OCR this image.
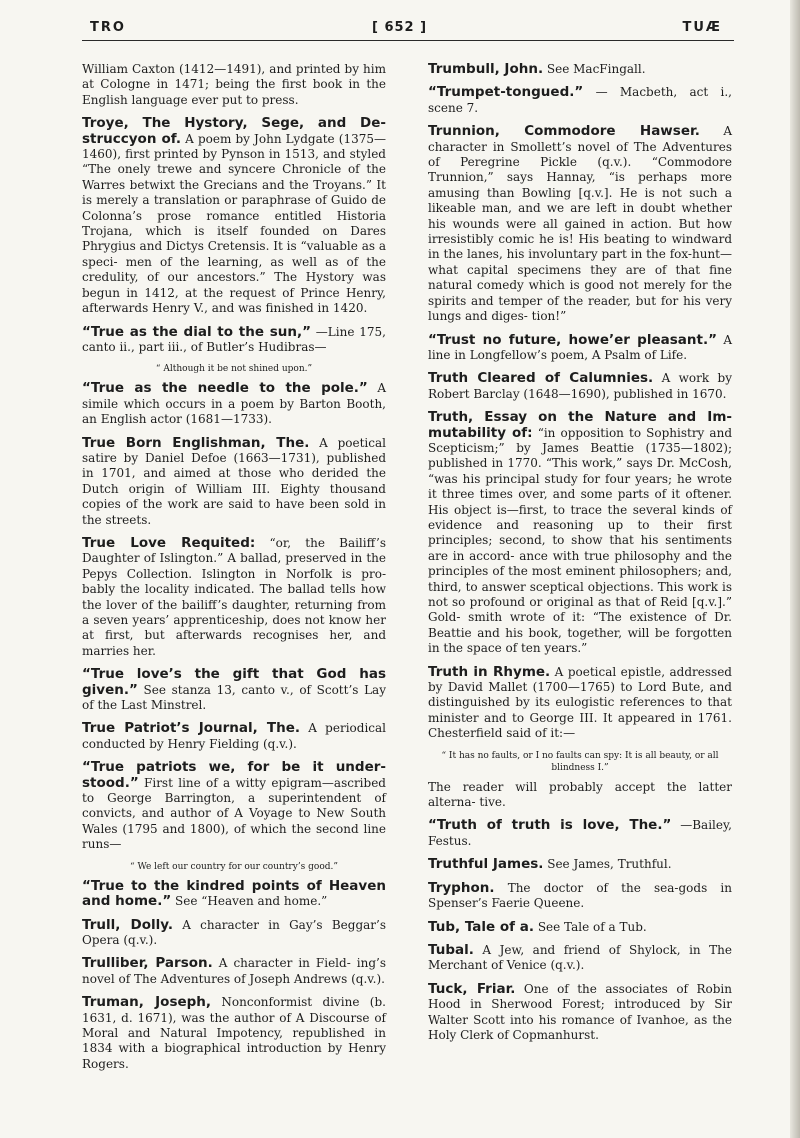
TRO	[ 652 ]	TUÆ

William Caxton (1412—1491), and printed by him at Cologne in 1471; being the first book in the English language ever put to press.

Troye, The Hystory, Sege, and De- struccyon of. A poem by John Lydgate (1375—1460), first printed by Pynson in 1513, and styled “The onely trewe and syncere Chronicle of the Warres betwixt the Grecians and the Troyans.” It is merely a translation or paraphrase of Guido de Colonna’s prose romance entitled Historia Trojana, which is itself founded on Dares Phrygius and Dictys Cretensis. It is “valuable as a speci- men of the learning, as well as of the credulity, of our ancestors.” The Hystory was begun in 1412, at the request of Prince Henry, afterwards Henry V., and was finished in 1420.

“True as the dial to the sun,” —Line 175, canto ii., part iii., of Butler’s Hudibras—

“ Although it be not shined upon.”

“True as the needle to the pole.” A simile which occurs in a poem by Barton Booth, an English actor (1681—1733).

True Born Englishman, The. A poetical satire by Daniel Defoe (1663—1731), published in 1701, and aimed at those who derided the Dutch origin of William III. Eighty thousand copies of the work are said to have been sold in the streets.

True Love Requited: “or, the Bailiff’s Daughter of Islington.” A ballad, preserved in the Pepys Collection. Islington in Norfolk is pro- bably the locality indicated. The ballad tells how the lover of the bailiff’s daughter, returning from a seven years’ apprenticeship, does not know her at first, but afterwards recognises her, and marries her.

“True love’s the gift that God has given.” See stanza 13, canto v., of Scott’s Lay of the Last Minstrel.

True Patriot’s Journal, The. A periodical conducted by Henry Fielding (q.v.).

“True patriots we, for be it under- stood.” First line of a witty epigram—ascribed to George Barrington, a superintendent of convicts, and author of A Voyage to New South Wales (1795 and 1800), of which the second line runs—

“ We left our country for our country’s good.”

“True to the kindred points of Heaven and home.” See “Heaven and home.”

Trull, Dolly. A character in Gay’s Beggar’s Opera (q.v.).

Trulliber, Parson. A character in Field- ing’s novel of The Adventures of Joseph Andrews (q.v.).

Truman, Joseph, Nonconformist divine (b. 1631, d. 1671), was the author of A Discourse of Moral and Natural Impotency, republished in 1834 with a biographical introduction by Henry Rogers.

Trumbull, John. See MacFingall.

“Trumpet-tongued.” — Macbeth, act i., scene 7.

Trunnion, Commodore Hawser. A character in Smollett’s novel of The Adventures of Peregrine Pickle (q.v.). “Commodore Trunnion,” says Hannay, “is perhaps more amusing than Bowling [q.v.]. He is not such a likeable man, and we are left in doubt whether his wounds were all gained in action. But how irresistibly comic he is! His beating to windward in the lanes, his involuntary part in the fox-hunt—what capital specimens they are of that fine natural comedy which is good not merely for the spirits and temper of the reader, but for his very lungs and diges- tion!”

“Trust no future, howe’er pleasant.” A line in Longfellow’s poem, A Psalm of Life.

Truth Cleared of Calumnies. A work by Robert Barclay (1648—1690), published in 1670.

Truth, Essay on the Nature and Im- mutability of: “in opposition to Sophistry and Scepticism;” by James Beattie (1735—1802); published in 1770. “This work,” says Dr. McCosh, “was his principal study for four years; he wrote it three times over, and some parts of it oftener. His object is—first, to trace the several kinds of evidence and reasoning up to their first principles; second, to show that his sentiments are in accord- ance with true philosophy and the principles of the most eminent philosophers; and, third, to answer sceptical objections. This work is not so profound or original as that of Reid [q.v.].” Gold- smith wrote of it: “The existence of Dr. Beattie and his book, together, will be forgotten in the space of ten years.”

Truth in Rhyme. A poetical epistle, addressed by David Mallet (1700—1765) to Lord Bute, and distinguished by its eulogistic references to that minister and to George III. It appeared in 1761. Chesterfield said of it:—

“ It has no faults, or I no faults can spy: It is all beauty, or all blindness I.”

The reader will probably accept the latter alterna- tive.

“Truth of truth is love, The.” —Bailey, Festus.

Truthful James. See James, Truthful.

Tryphon. The doctor of the sea-gods in Spenser’s Faerie Queene.

Tub, Tale of a. See Tale of a Tub.

Tubal. A Jew, and friend of Shylock, in The Merchant of Venice (q.v.).

Tuck, Friar. One of the associates of Robin Hood in Sherwood Forest; introduced by Sir Walter Scott into his romance of Ivanhoe, as the Holy Clerk of Copmanhurst.
